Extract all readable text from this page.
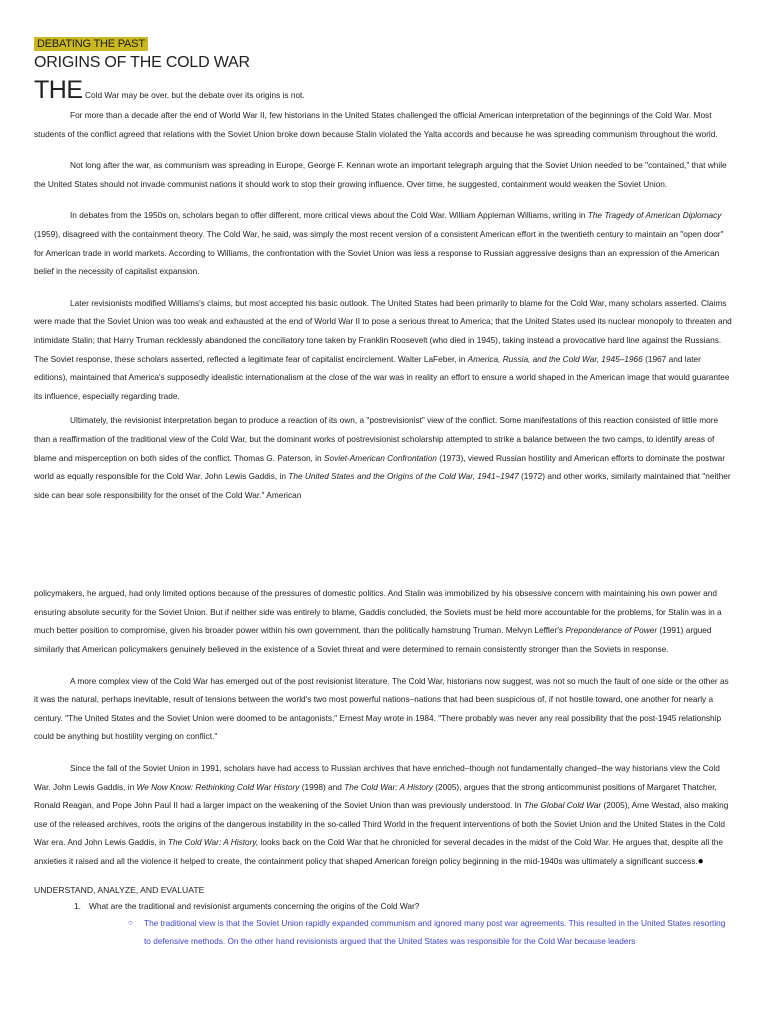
DEBATING THE PAST
ORIGINS OF THE COLD WAR
THE Cold War may be over, but the debate over its origins is not.

For more than a decade after the end of World War II, few historians in the United States challenged the official American interpretation of the beginnings of the Cold War. Most students of the conflict agreed that relations with the Soviet Union broke down because Stalin violated the Yalta accords and because he was spreading communism throughout the world.

Not long after the war, as communism was spreading in Europe, George F. Kennan wrote an important telegraph arguing that the Soviet Union needed to be "contained," that while the United States should not invade communist nations it should work to stop their growing influence. Over time, he suggested, containment would weaken the Soviet Union.

In debates from the 1950s on, scholars began to offer different, more critical views about the Cold War. William Appleman Williams, writing in The Tragedy of American Diplomacy (1959), disagreed with the containment theory. The Cold War, he said, was simply the most recent version of a consistent American effort in the twentieth century to maintain an "open door" for American trade in world markets. According to Williams, the confrontation with the Soviet Union was less a response to Russian aggressive designs than an expression of the American belief in the necessity of capitalist expansion.

Later revisionists modified Williams's claims, but most accepted his basic outlook. The United States had been primarily to blame for the Cold War, many scholars asserted. Claims were made that the Soviet Union was too weak and exhausted at the end of World War II to pose a serious threat to America; that the United States used its nuclear monopoly to threaten and intimidate Stalin; that Harry Truman recklessly abandoned the conciliatory tone taken by Franklin Roosevelt (who died in 1945), taking instead a provocative hard line against the Russians. The Soviet response, these scholars asserted, reflected a legitimate fear of capitalist encirclement. Walter LaFeber, in America, Russia, and the Cold War, 1945–1966 (1967 and later editions), maintained that America's supposedly idealistic internationalism at the close of the war was in reality an effort to ensure a world shaped in the American image that would guarantee its influence, especially regarding trade.

Ultimately, the revisionist interpretation began to produce a reaction of its own, a "postrevisionist" view of the conflict. Some manifestations of this reaction consisted of little more than a reaffirmation of the traditional view of the Cold War, but the dominant works of postrevisionist scholarship attempted to strike a balance between the two camps, to identify areas of blame and misperception on both sides of the conflict. Thomas G. Paterson, in Soviet-American Confrontation (1973), viewed Russian hostility and American efforts to dominate the postwar world as equally responsible for the Cold War. John Lewis Gaddis, in The United States and the Origins of the Cold War, 1941–1947 (1972) and other works, similarly maintained that "neither side can bear sole responsibility for the onset of the Cold War." American

policymakers, he argued, had only limited options because of the pressures of domestic politics. And Stalin was immobilized by his obsessive concern with maintaining his own power and ensuring absolute security for the Soviet Union. But if neither side was entirely to blame, Gaddis concluded, the Soviets must be held more accountable for the problems, for Stalin was in a much better position to compromise, given his broader power within his own government, than the politically hamstrung Truman. Melvyn Leffler's Preponderance of Power (1991) argued similarly that American policymakers genuinely believed in the existence of a Soviet threat and were determined to remain consistently stronger than the Soviets in response.

A more complex view of the Cold War has emerged out of the post revisionist literature. The Cold War, historians now suggest, was not so much the fault of one side or the other as it was the natural, perhaps inevitable, result of tensions between the world's two most powerful nations–nations that had been suspicious of, if not hostile toward, one another for nearly a century. "The United States and the Soviet Union were doomed to be antagonists," Ernest May wrote in 1984. "There probably was never any real possibility that the post-1945 relationship could be anything but hostility verging on conflict."

Since the fall of the Soviet Union in 1991, scholars have had access to Russian archives that have enriched–though not fundamentally changed–the way historians view the Cold War. John Lewis Gaddis, in We Now Know: Rethinking Cold War History (1998) and The Cold War: A History (2005), argues that the strong anticommunist positions of Margaret Thatcher, Ronald Reagan, and Pope John Paul II had a larger impact on the weakening of the Soviet Union than was previously understood. In The Global Cold War (2005), Arne Westad, also making use of the released archives, roots the origins of the dangerous instability in the so-called Third World in the frequent interventions of both the Soviet Union and the United States in the Cold War era. And John Lewis Gaddis, in The Cold War: A History, looks back on the Cold War that he chronicled for several decades in the midst of the Cold War. He argues that, despite all the anxieties it raised and all the violence it helped to create, the containment policy that shaped American foreign policy beginning in the mid-1940s was ultimately a significant success.●

UNDERSTAND, ANALYZE, AND EVALUATE
1. What are the traditional and revisionist arguments concerning the origins of the Cold War?
○ The traditional view is that the Soviet Union rapidly expanded communism and ignored many post war agreements. This resulted in the United States resorting to defensive methods. On the other hand revisionists argued that the United States was responsible for the Cold War because leaders
